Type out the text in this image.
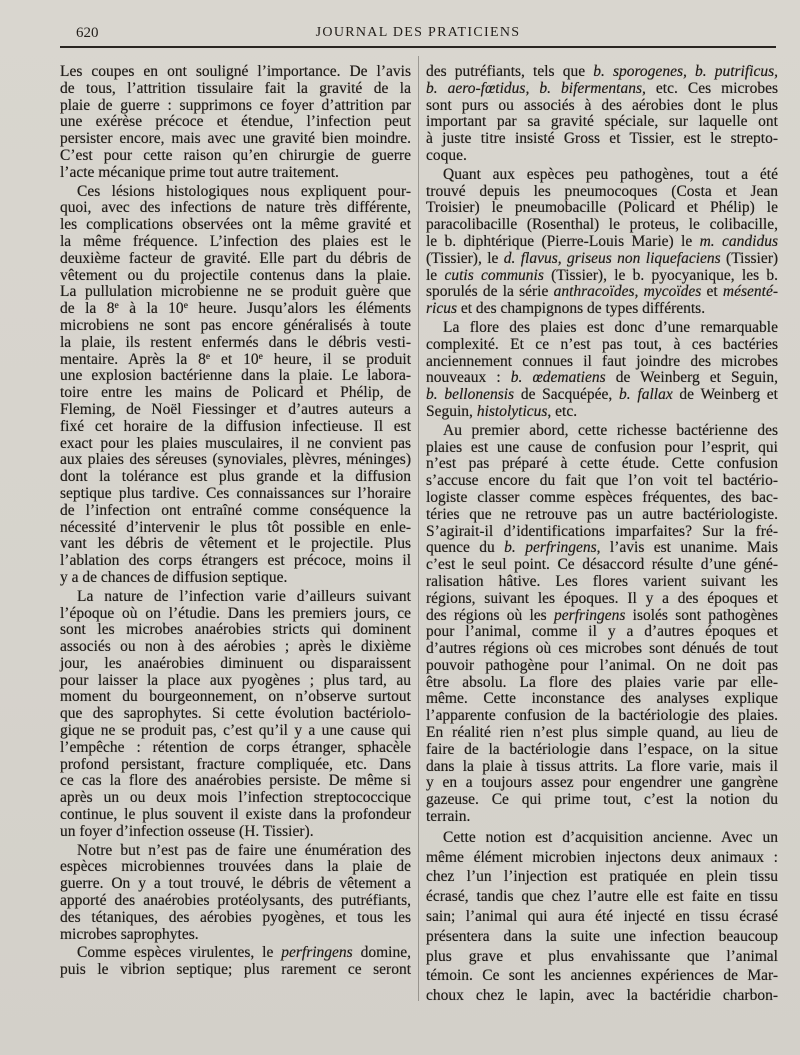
620	JOURNAL DES PRATICIENS
Les coupes en ont souligné l’importance. De l’avis
de tous, l’attrition tissulaire fait la gravité de la
plaie de guerre : supprimons ce foyer d’attrition par
une exérèse précoce et étendue, l’infection peut
persister encore, mais avec une gravité bien moindre.
C’est pour cette raison qu’en chirurgie de guerre
l’acte mécanique prime tout autre traitement.
Ces lésions histologiques nous expliquent pour-
quoi, avec des infections de nature très différente,
les complications observées ont la même gravité et
la même fréquence. L’infection des plaies est le
deuxième facteur de gravité. Elle part du débris de
vêtement ou du projectile contenus dans la plaie.
La pullulation microbienne ne se produit guère que
de la 8e à la 10e heure. Jusqu’alors les éléments
microbiens ne sont pas encore généralisés à toute
la plaie, ils restent enfermés dans le débris vesti-
mentaire. Après la 8e et 10e heure, il se produit
une explosion bactérienne dans la plaie. Le labora-
toire entre les mains de Policard et Phélip, de
Fleming, de Noël Fiessinger et d’autres auteurs a
fixé cet horaire de la diffusion infectieuse. Il est
exact pour les plaies musculaires, il ne convient pas
aux plaies des séreuses (synoviales, plèvres, méninges)
dont la tolérance est plus grande et la diffusion
septique plus tardive. Ces connaissances sur l’horaire
de l’infection ont entraîné comme conséquence la
nécessité d’intervenir le plus tôt possible en enle-
vant les débris de vêtement et le projectile. Plus
l’ablation des corps étrangers est précoce, moins il
y a de chances de diffusion septique.
La nature de l’infection varie d’ailleurs suivant
l’époque où on l’étudie. Dans les premiers jours, ce
sont les microbes anaérobies stricts qui dominent
associés ou non à des aérobies ; après le dixième
jour, les anaérobies diminuent ou disparaissent
pour laisser la place aux pyogènes ; plus tard, au
moment du bourgeonnement, on n’observe surtout
que des saprophytes. Si cette évolution bactériolo-
gique ne se produit pas, c’est qu’il y a une cause qui
l’empêche : rétention de corps étranger, sphacèle
profond persistant, fracture compliquée, etc. Dans
ce cas la flore des anaérobies persiste. De même si
après un ou deux mois l’infection streptococcique
continue, le plus souvent il existe dans la profondeur
un foyer d’infection osseuse (H. Tissier).
Notre but n’est pas de faire une énumération des
espèces microbiennes trouvées dans la plaie de
guerre. On y a tout trouvé, le débris de vêtement a
apporté des anaérobies protéolysants, des putréfiants,
des tétaniques, des aérobies pyogènes, et tous les
microbes saprophytes.
Comme espèces virulentes, le perfringens domine,
puis le vibrion septique; plus rarement ce seront
des putréfiants, tels que b. sporogenes, b. putrificus,
b. aero-fœtidus, b. bifermentans, etc. Ces microbes
sont purs ou associés à des aérobies dont le plus
important par sa gravité spéciale, sur laquelle ont
à juste titre insisté Gross et Tissier, est le strepto-
coque.
Quant aux espèces peu pathogènes, tout a été
trouvé depuis les pneumocoques (Costa et Jean
Troisier) le pneumobacille (Policard et Phélip) le
paracolibacille (Rosenthal) le proteus, le colibacille,
le b. diphtérique (Pierre-Louis Marie) le m. candidus
(Tissier), le d. flavus, griseus non liquefaciens (Tissier)
le cutis communis (Tissier), le b. pyocyanique, les b.
sporulés de la série anthracoïdes, mycoïdes et mésenté-
ricus et des champignons de types différents.
La flore des plaies est donc d’une remarquable
complexité. Et ce n’est pas tout, à ces bactéries
anciennement connues il faut joindre des microbes
nouveaux : b. œdematiens de Weinberg et Seguin,
b. bellonensis de Sacquépée, b. fallax de Weinberg et
Seguin, histolyticus, etc.
Au premier abord, cette richesse bactérienne des
plaies est une cause de confusion pour l’esprit, qui
n’est pas préparé à cette étude. Cette confusion
s’accuse encore du fait que l’on voit tel bactério-
logiste classer comme espèces fréquentes, des bac-
téries que ne retrouve pas un autre bactériologiste.
S’agirait-il d’identifications imparfaites? Sur la fré-
quence du b. perfringens, l’avis est unanime. Mais
c’est le seul point. Ce désaccord résulte d’une géné-
ralisation hâtive. Les flores varient suivant les
régions, suivant les époques. Il y a des époques et
des régions où les perfringens isolés sont pathogènes
pour l’animal, comme il y a d’autres époques et
d’autres régions où ces microbes sont dénués de tout
pouvoir pathogène pour l’animal. On ne doit pas
être absolu. La flore des plaies varie par elle-
même. Cette inconstance des analyses explique
l’apparente confusion de la bactériologie des plaies.
En réalité rien n’est plus simple quand, au lieu de
faire de la bactériologie dans l’espace, on la situe
dans la plaie à tissus attrits. La flore varie, mais il
y en a toujours assez pour engendrer une gangrène
gazeuse. Ce qui prime tout, c’est la notion du
terrain.
Cette notion est d’acquisition ancienne. Avec un
même élément microbien injectons deux animaux :
chez l’un l’injection est pratiquée en plein tissu
écrasé, tandis que chez l’autre elle est faite en tissu
sain; l’animal qui aura été injecté en tissu écrasé
présentera dans la suite une infection beaucoup
plus grave et plus envahissante que l’animal
témoin. Ce sont les anciennes expériences de Mar-
choux chez le lapin, avec la bactéridie charbon-
